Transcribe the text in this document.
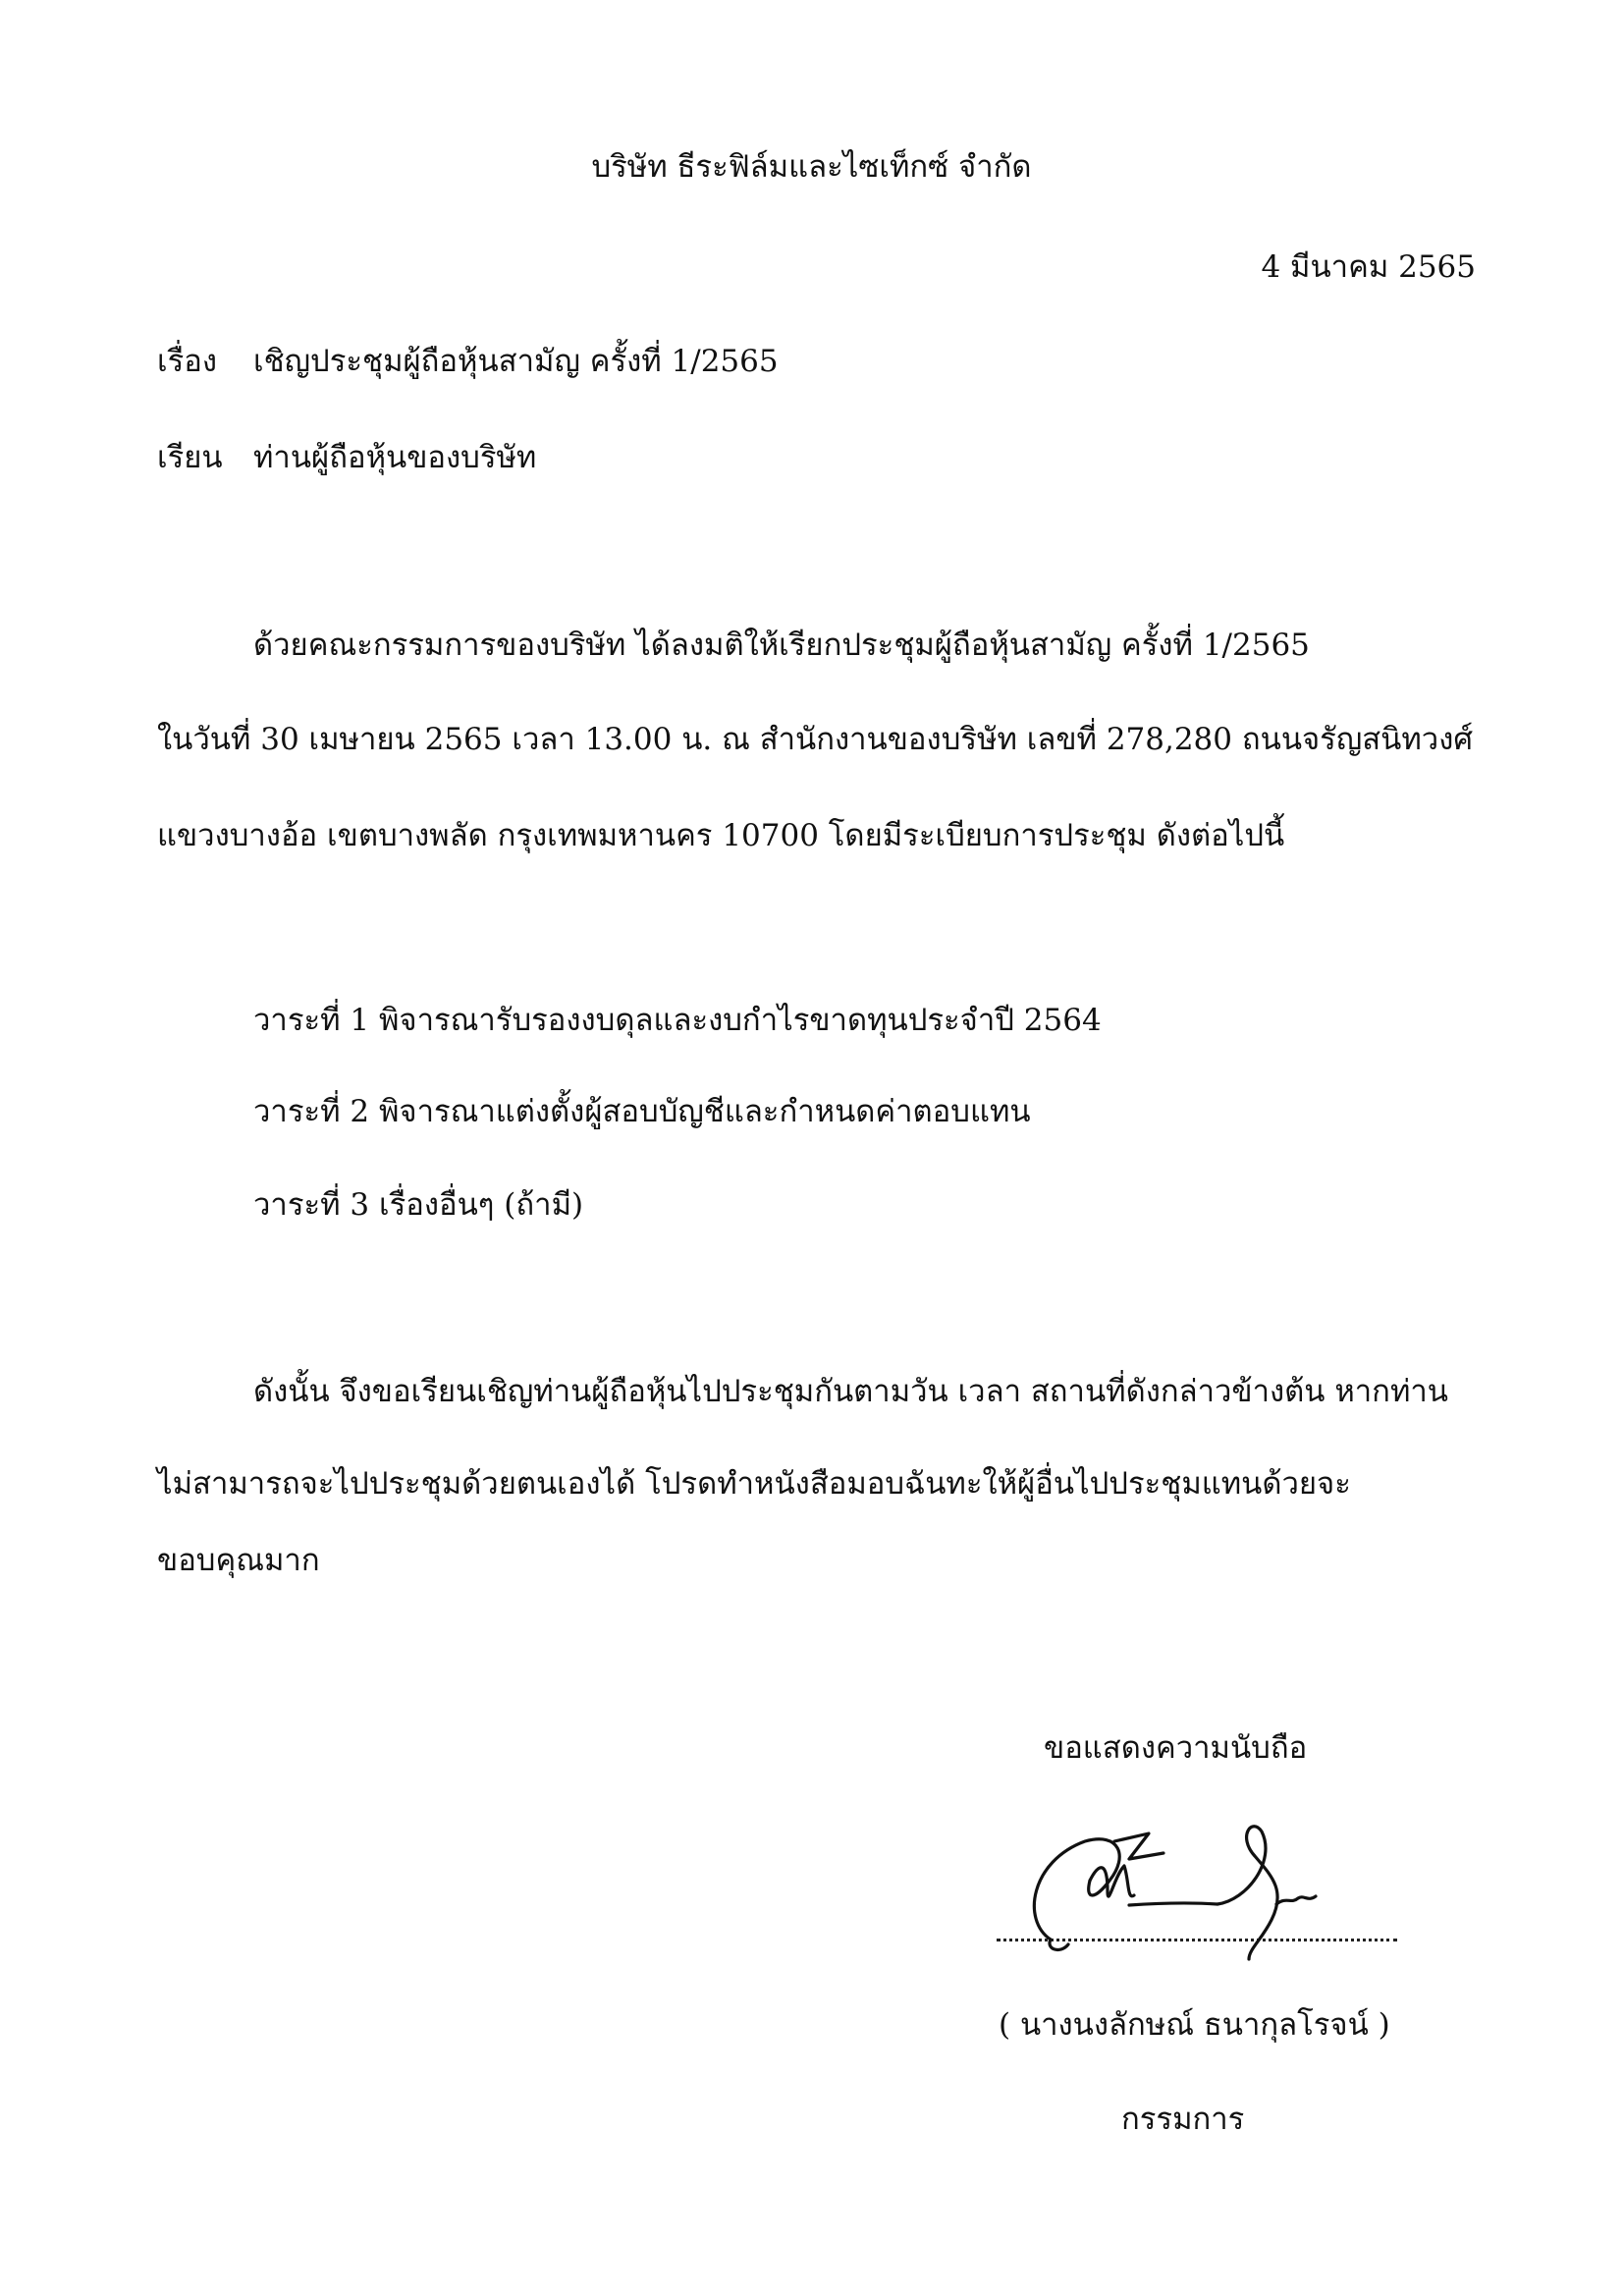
บริษัท ธีระฟิล์มและไซเท็กซ์ จำกัด
4 มีนาคม 2565
เรื่อง เชิญประชุมผู้ถือหุ้นสามัญ ครั้งที่ 1/2565
เรียน ท่านผู้ถือหุ้นของบริษัท
ด้วยคณะกรรมการของบริษัท ได้ลงมติให้เรียกประชุมผู้ถือหุ้นสามัญ ครั้งที่ 1/2565
ในวันที่ 30 เมษายน 2565 เวลา 13.00 น. ณ สำนักงานของบริษัท เลขที่ 278,280 ถนนจรัญสนิทวงศ์
แขวงบางอ้อ เขตบางพลัด กรุงเทพมหานคร 10700 โดยมีระเบียบการประชุม ดังต่อไปนี้
วาระที่ 1 พิจารณารับรองงบดุลและงบกำไรขาดทุนประจำปี 2564
วาระที่ 2 พิจารณาแต่งตั้งผู้สอบบัญชีและกำหนดค่าตอบแทน
วาระที่ 3 เรื่องอื่นๆ (ถ้ามี)
ดังนั้น จึงขอเรียนเชิญท่านผู้ถือหุ้นไปประชุมกันตามวัน เวลา สถานที่ดังกล่าวข้างต้น หากท่าน
ไม่สามารถจะไปประชุมด้วยตนเองได้ โปรดทำหนังสือมอบฉันทะให้ผู้อื่นไปประชุมแทนด้วยจะ
ขอบคุณมาก
ขอแสดงความนับถือ
( นางนงลักษณ์ ธนากุลโรจน์ )
กรรมการ
